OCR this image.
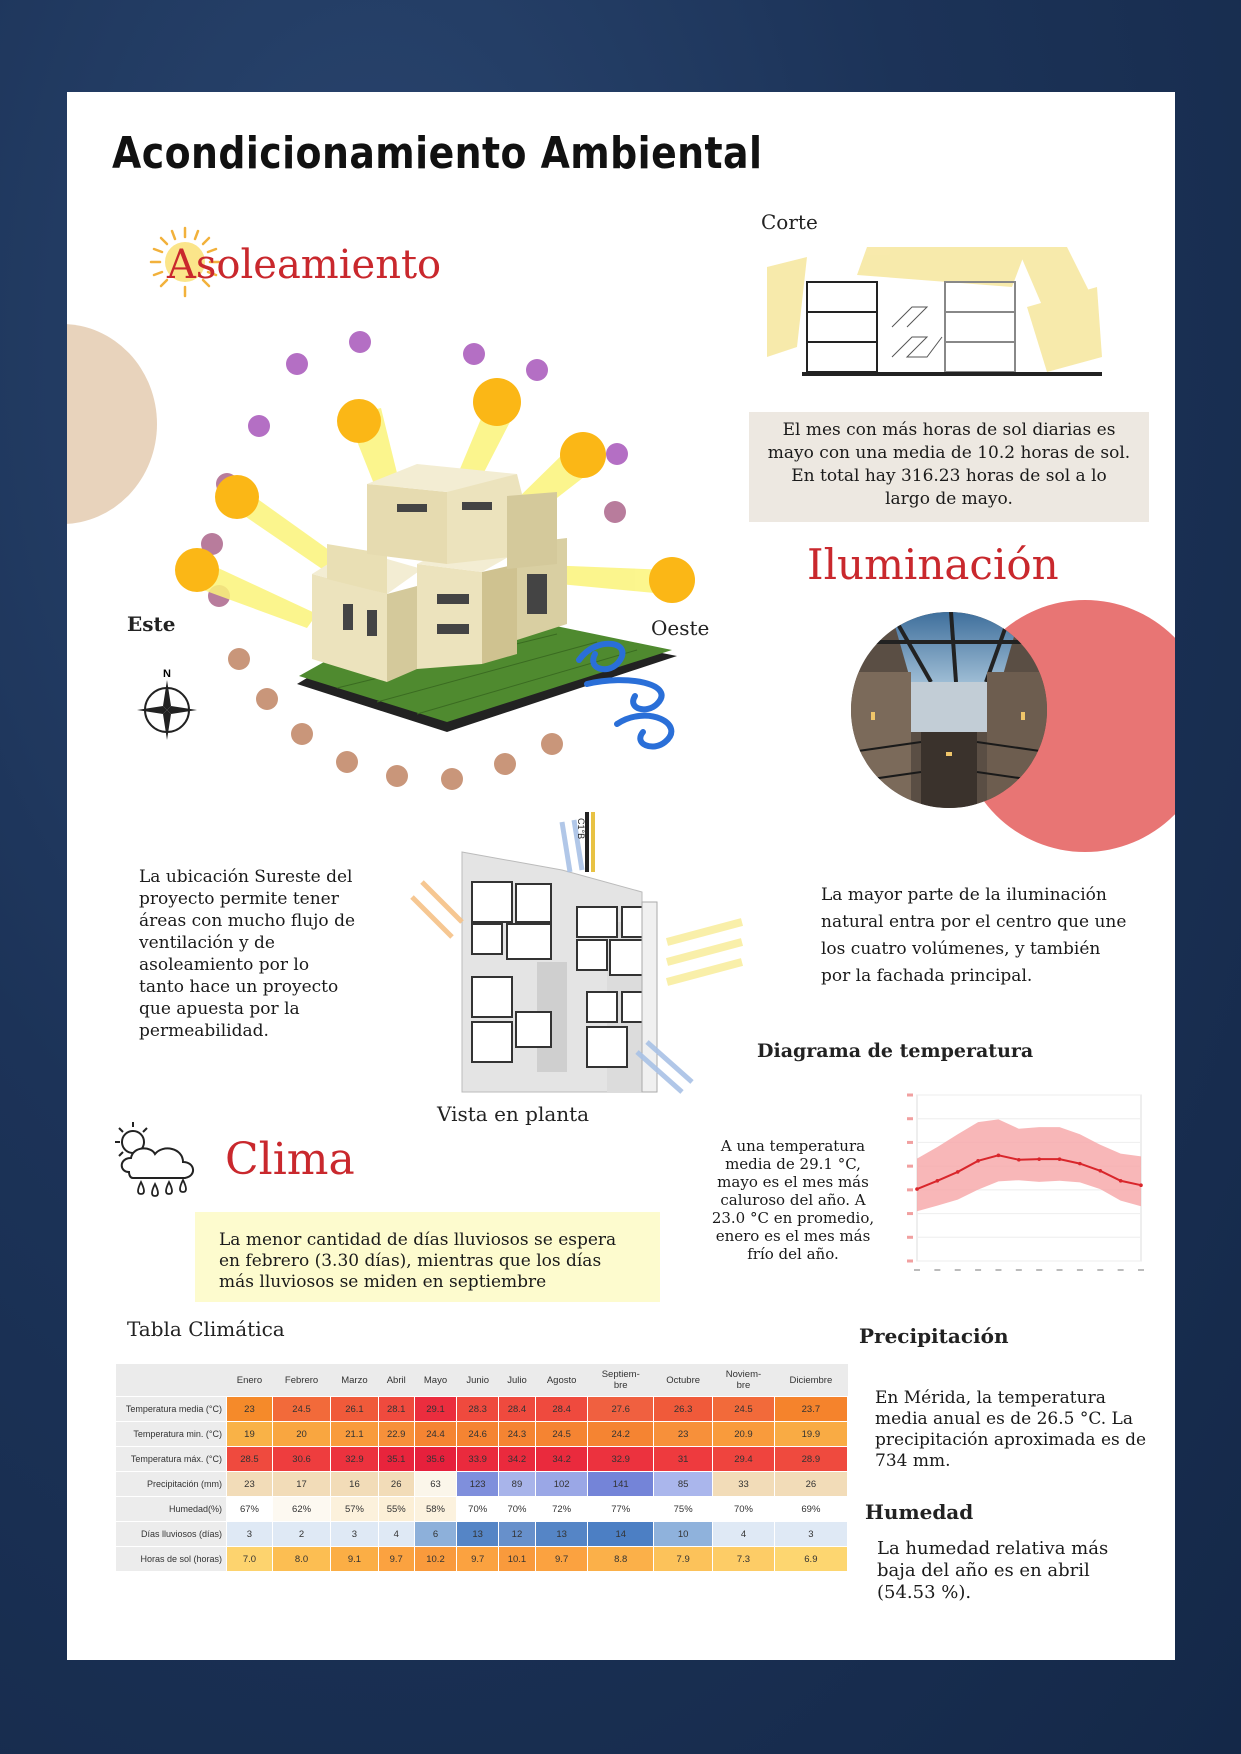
Acondicionamiento Ambiental
Asoleamiento
Este	Oeste
N
Corte
El mes con más horas de sol diarias es mayo con una media de 10.2 horas de sol. En total hay 316.23 horas de sol a lo largo de mayo.
Iluminación
La mayor parte de la iluminación natural entra por el centro que une los cuatro volúmenes, y también por la fachada principal.
La ubicación Sureste del proyecto permite tener áreas con mucho flujo de ventilación y de asoleamiento por lo tanto hace un proyecto que apuesta por la permeabilidad.
C1°B
Vista en planta
Diagrama de temperatura
A una temperatura media de 29.1 °C, mayo es el mes más caluroso del año. A 23.0 °C en promedio, enero es el mes más frío del año.
Clima
La menor cantidad de días lluviosos se espera en febrero (3.30 días), mientras que los días más lluviosos se miden en septiembre
Tabla Climática
	Enero	Febrero	Marzo	Abril	Mayo	Junio	Julio	Agosto	Septiem-
bre	Octubre	Noviem-
bre	Diciembre
Temperatura media (°C)	23	24.5	26.1	28.1	29.1	28.3	28.4	28.4	27.6	26.3	24.5	23.7
Temperatura min. (°C)	19	20	21.1	22.9	24.4	24.6	24.3	24.5	24.2	23	20.9	19.9
Temperatura máx. (°C)	28.5	30.6	32.9	35.1	35.6	33.9	34.2	34.2	32.9	31	29.4	28.9
Precipitación (mm)	23	17	16	26	63	123	89	102	141	85	33	26
Humedad(%)	67%	62%	57%	55%	58%	70%	70%	72%	77%	75%	70%	69%
Días lluviosos (días)	3	2	3	4	6	13	12	13	14	10	4	3
Horas de sol (horas)	7.0	8.0	9.1	9.7	10.2	9.7	10.1	9.7	8.8	7.9	7.3	6.9
Precipitación
En Mérida, la temperatura media anual es de 26.5 °C. La precipitación aproximada es de 734 mm.
Humedad
La humedad relativa más baja del año es en abril (54.53 %).
